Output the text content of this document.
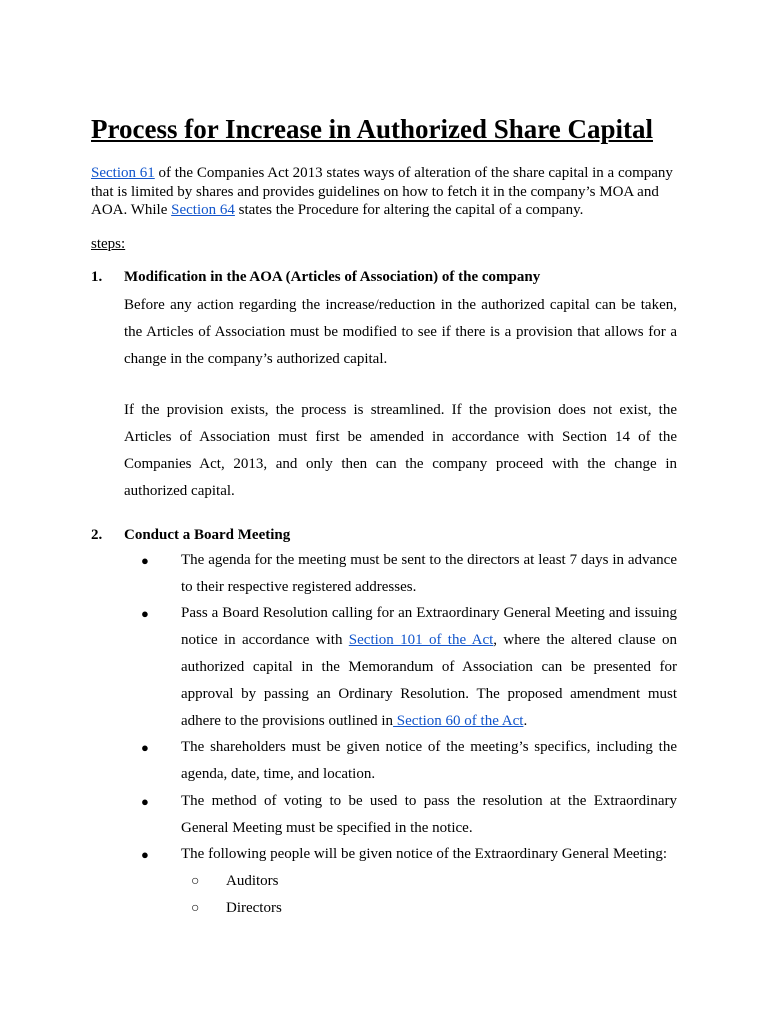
Process for Increase in Authorized Share Capital
Section 61 of the Companies Act 2013 states ways of alteration of the share capital in a company that is limited by shares and provides guidelines on how to fetch it in the company’s MOA and AOA. While Section 64 states the Procedure for altering the capital of a company.
steps:
1. Modification in the AOA (Articles of Association) of the company
Before any action regarding the increase/reduction in the authorized capital can be taken, the Articles of Association must be modified to see if there is a provision that allows for a change in the company’s authorized capital.
If the provision exists, the process is streamlined. If the provision does not exist, the Articles of Association must first be amended in accordance with Section 14 of the Companies Act, 2013, and only then can the company proceed with the change in authorized capital.
2. Conduct a Board Meeting
● The agenda for the meeting must be sent to the directors at least 7 days in advance to their respective registered addresses.
● Pass a Board Resolution calling for an Extraordinary General Meeting and issuing notice in accordance with Section 101 of the Act, where the altered clause on authorized capital in the Memorandum of Association can be presented for approval by passing an Ordinary Resolution. The proposed amendment must adhere to the provisions outlined in Section 60 of the Act.
● The shareholders must be given notice of the meeting’s specifics, including the agenda, date, time, and location.
● The method of voting to be used to pass the resolution at the Extraordinary General Meeting must be specified in the notice.
● The following people will be given notice of the Extraordinary General Meeting:
○ Auditors
○ Directors
